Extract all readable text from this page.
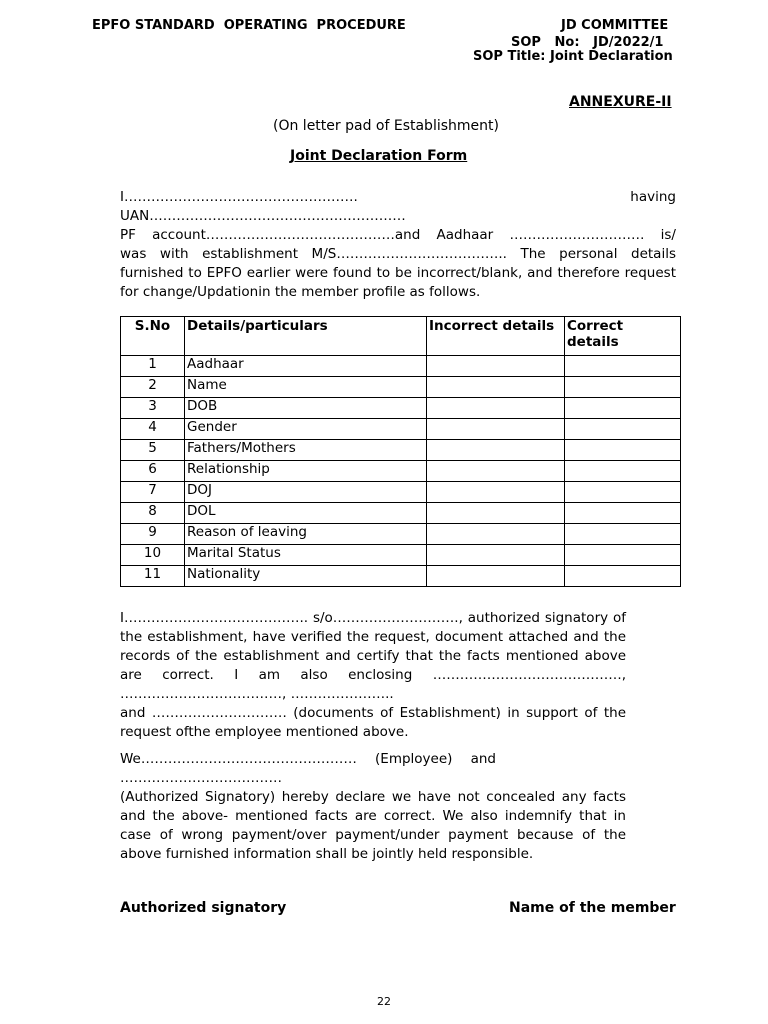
EPFO STANDARD  OPERATING  PROCEDURE	JD COMMITTEE
SOP   No:   JD/2022/1
SOP Title: Joint Declaration
ANNEXURE-II
(On letter pad of Establishment)
Joint Declaration Form
I…………………………………………….	having
UAN…………………………………………………
PF account……………………………………and Aadhaar ………………………… is/
was with establishment M/S……………………………….. The personal details
furnished to EPFO earlier were found to be incorrect/blank, and therefore request
for change/Updationin the member profile as follows.
S.No	Details/particulars	Incorrect details	Correct details
1	Aadhaar		
2	Name		
3	DOB		
4	Gender		
5	Fathers/Mothers		
6	Relationship		
7	DOJ		
8	DOL		
9	Reason of leaving		
10	Marital Status		
11	Nationality		
I………………………………….. s/o………………………., authorized signatory of
the establishment, have verified the request, document attached and the
records of the establishment and certify that the facts mentioned above
are correct. I am also enclosing ……………………………………,
………………………………, …………………..
and ………………………… (documents of Establishment) in support of the
request ofthe employee mentioned above.
We………………………………………… (Employee) and
………………………………
(Authorized Signatory) hereby declare we have not concealed any facts
and the above- mentioned facts are correct. We also indemnify that in
case of wrong payment/over payment/under payment because of the
above furnished information shall be jointly held responsible.
Authorized signatory	Name of the member
22
